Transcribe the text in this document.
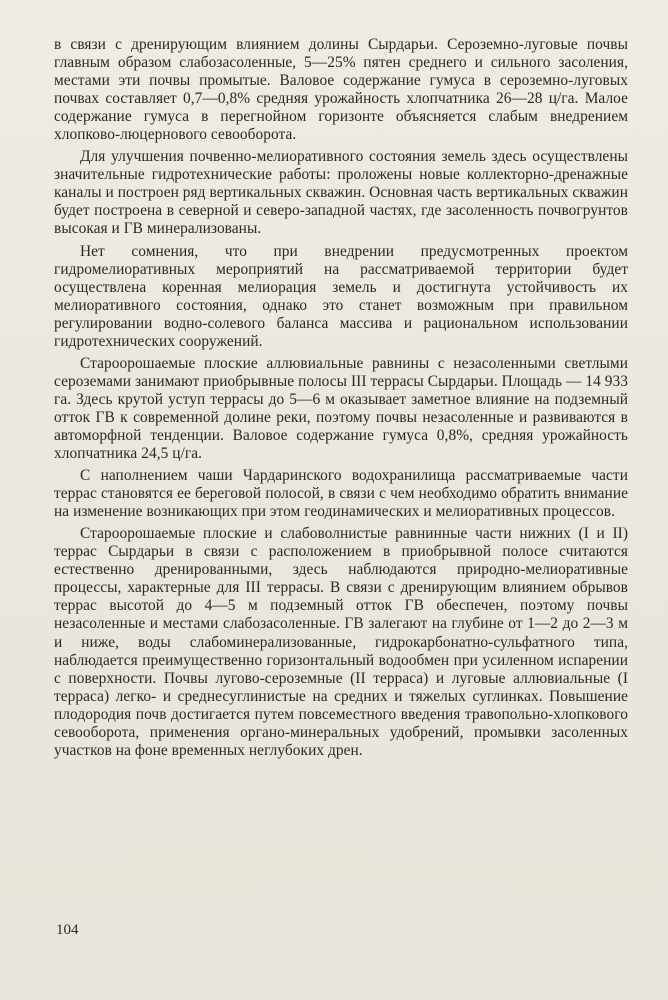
в связи с дренирующим влиянием долины Сырдарьи. Сероземно-луговые почвы главным образом слабозасоленные, 5—25% пятен среднего и сильного засоления, местами эти почвы промытые. Валовое содержание гумуса в сероземно-луговых почвах составляет 0,7—0,8% средняя урожайность хлопчатника 26—28 ц/га. Малое содержание гумуса в перегнойном горизонте объясняется слабым внедрением хлопково-люцернового севооборота.

Для улучшения почвенно-мелиоративного состояния земель здесь осуществлены значительные гидротехнические работы: проложены новые коллекторно-дренажные каналы и построен ряд вертикальных скважин. Основная часть вертикальных скважин будет построена в северной и северо-западной частях, где засоленность почвогрунтов высокая и ГВ минерализованы.

Нет сомнения, что при внедрении предусмотренных проектом гидромелиоративных мероприятий на рассматриваемой территории будет осуществлена коренная мелиорация земель и достигнута устойчивость их мелиоративного состояния, однако это станет возможным при правильном регулировании водно-солевого баланса массива и рациональном использовании гидротехнических сооружений.

Староорошаемые плоские аллювиальные равнины с незасоленными светлыми сероземами занимают приобрывные полосы III террасы Сырдарьи. Площадь — 14 933 га. Здесь крутой уступ террасы до 5—6 м оказывает заметное влияние на подземный отток ГВ к современной долине реки, поэтому почвы незасоленные и развиваются в автоморфной тенденции. Валовое содержание гумуса 0,8%, средняя урожайность хлопчатника 24,5 ц/га.

С наполнением чаши Чардаринского водохранилища рассматриваемые части террас становятся ее береговой полосой, в связи с чем необходимо обратить внимание на изменение возникающих при этом геодинамических и мелиоративных процессов.

Староорошаемые плоские и слабоволнистые равнинные части нижних (I и II) террас Сырдарьи в связи с расположением в приобрывной полосе считаются естественно дренированными, здесь наблюдаются природно-мелиоративные процессы, характерные для III террасы. В связи с дренирующим влиянием обрывов террас высотой до 4—5 м подземный отток ГВ обеспечен, поэтому почвы незасоленные и местами слабозасоленные. ГВ залегают на глубине от 1—2 до 2—3 м и ниже, воды слабоминерализованные, гидрокарбонатно-сульфатного типа, наблюдается преимущественно горизонтальный водообмен при усиленном испарении с поверхности. Почвы лугово-сероземные (II терраса) и луговые аллювиальные (I терраса) легко- и среднесуглинистые на средних и тяжелых суглинках. Повышение плодородия почв достигается путем повсеместного введения травопольно-хлопкового севооборота, применения органо-минеральных удобрений, промывки засоленных участков на фоне временных неглубоких дрен.

104
